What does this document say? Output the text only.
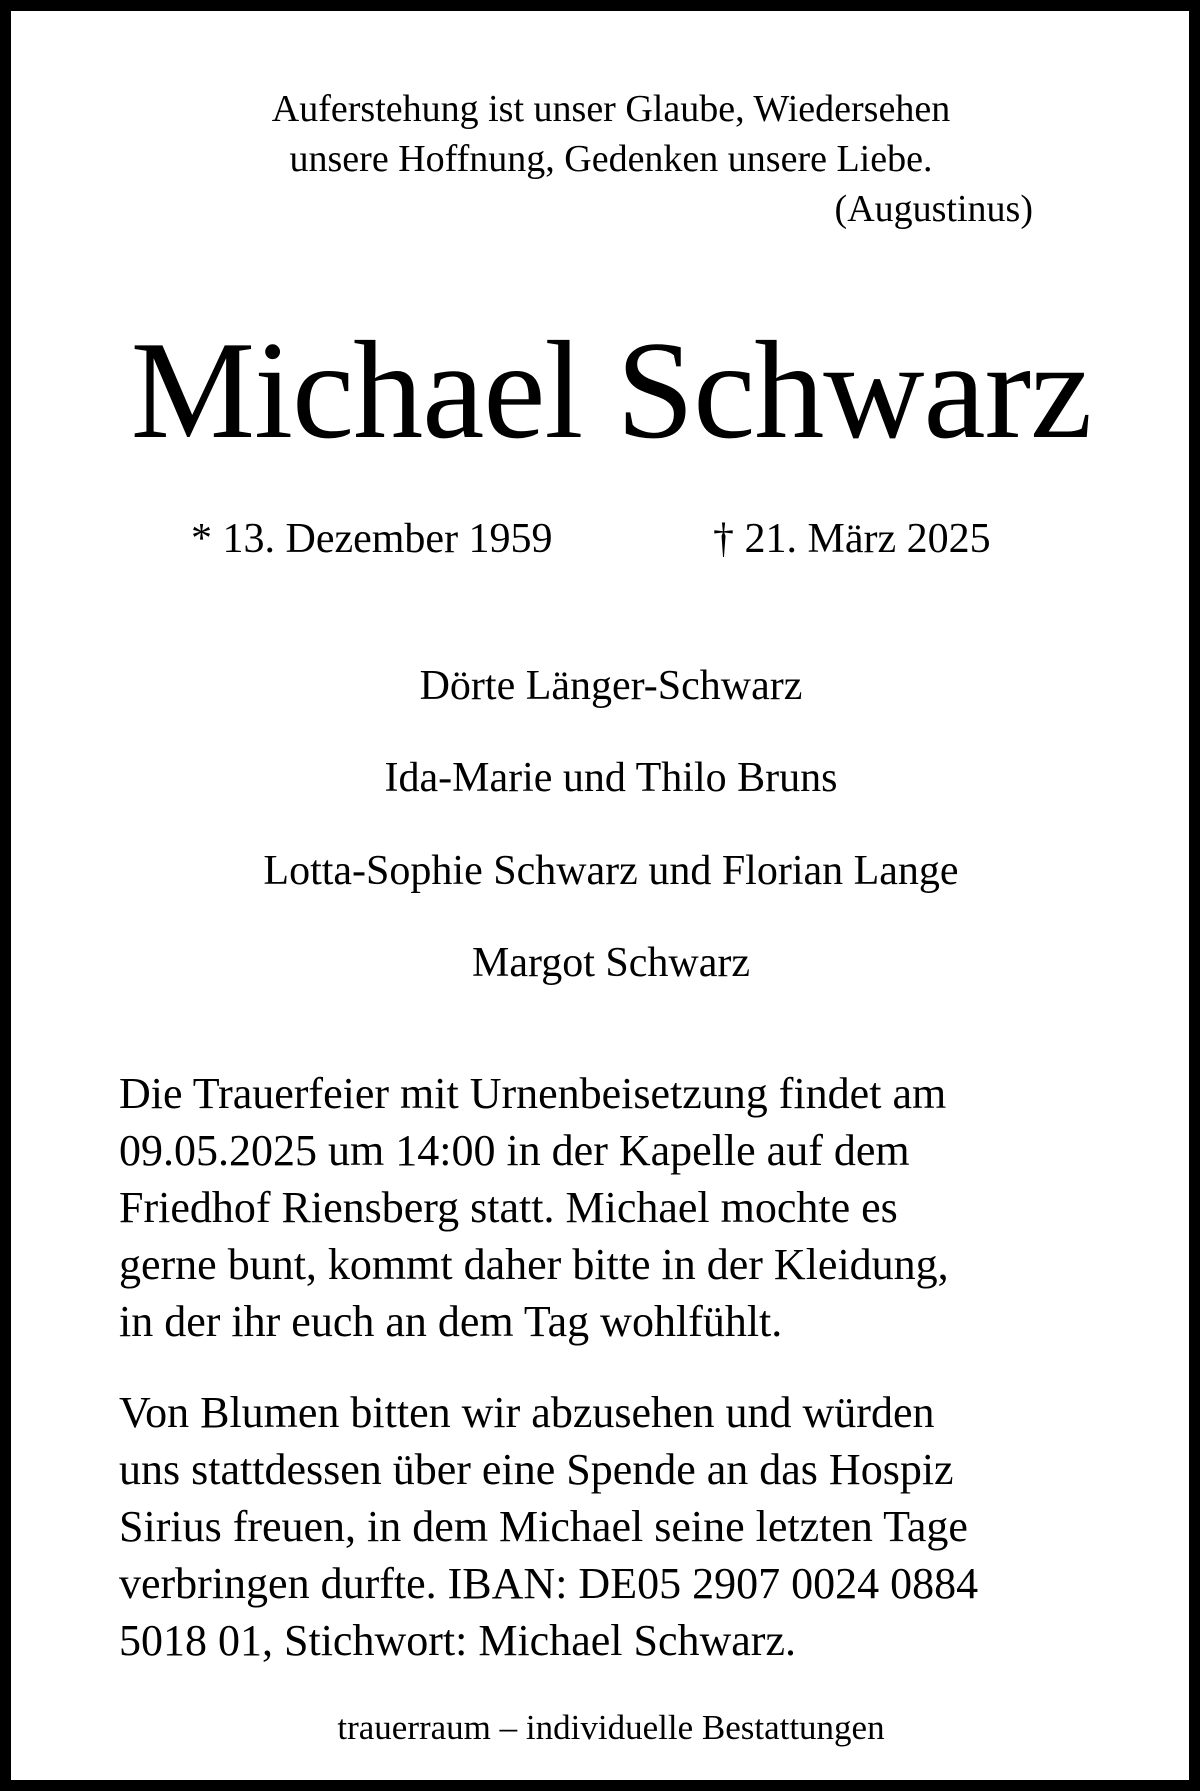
Auferstehung ist unser Glaube, Wiedersehen
unsere Hoffnung, Gedenken unsere Liebe.
(Augustinus)
Michael Schwarz
* 13. Dezember 1959	† 21. März 2025
Dörte Länger-Schwarz
Ida-Marie und Thilo Bruns
Lotta-Sophie Schwarz und Florian Lange
Margot Schwarz
Die Trauerfeier mit Urnenbeisetzung findet am
09.05.2025 um 14:00 in der Kapelle auf dem
Friedhof Riensberg statt. Michael mochte es
gerne bunt, kommt daher bitte in der Kleidung,
in der ihr euch an dem Tag wohlfühlt.
Von Blumen bitten wir abzusehen und würden
uns stattdessen über eine Spende an das Hospiz
Sirius freuen, in dem Michael seine letzten Tage
verbringen durfte. IBAN: DE05 2907 0024 0884
5018 01, Stichwort: Michael Schwarz.
trauerraum – individuelle Bestattungen
